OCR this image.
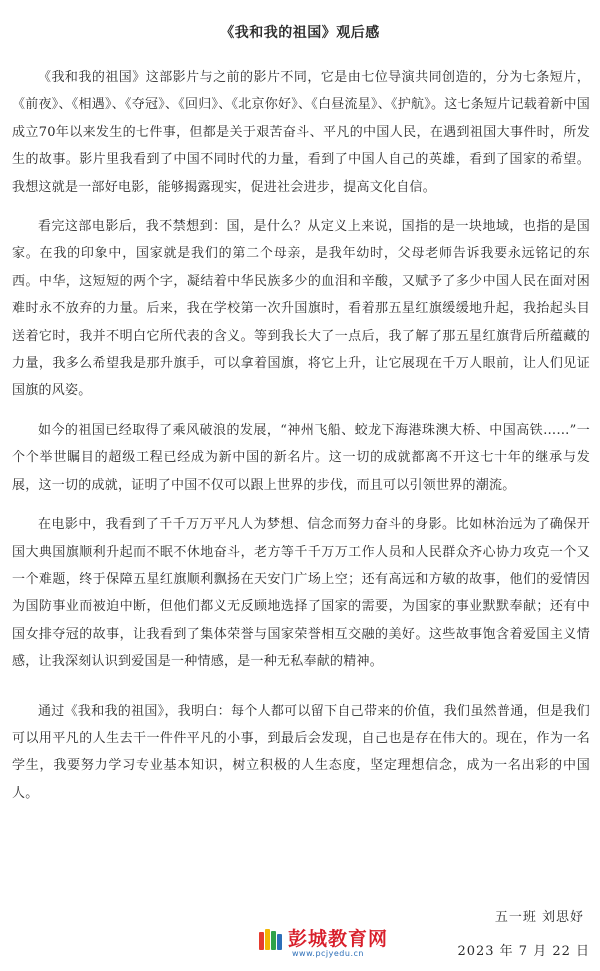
《我和我的祖国》观后感

《我和我的祖国》这部影片与之前的影片不同，它是由七位导演共同创造的，分为七条短片，《前夜》、《相遇》、《夺冠》、《回归》、《北京你好》、《白昼流星》、《护航》。这七条短片记载着新中国成立70年以来发生的七件事，但都是关于艰苦奋斗、平凡的中国人民，在遇到祖国大事件时，所发生的故事。影片里我看到了中国不同时代的力量，看到了中国人自己的英雄，看到了国家的希望。我想这就是一部好电影，能够揭露现实，促进社会进步，提高文化自信。

看完这部电影后，我不禁想到：国，是什么？从定义上来说，国指的是一块地域，也指的是国家。在我的印象中，国家就是我们的第二个母亲，是我年幼时，父母老师告诉我要永远铭记的东西。中华，这短短的两个字，凝结着中华民族多少的血泪和辛酸，又赋予了多少中国人民在面对困难时永不放弃的力量。后来，我在学校第一次升国旗时，看着那五星红旗缓缓地升起，我抬起头目送着它时，我并不明白它所代表的含义。等到我长大了一点后，我了解了那五星红旗背后所蕴藏的力量，我多么希望我是那升旗手，可以拿着国旗，将它上升，让它展现在千万人眼前，让人们见证国旗的风姿。

如今的祖国已经取得了乘风破浪的发展，“神州飞船、蛟龙下海港珠澳大桥、中国高铁……”一个个举世瞩目的超级工程已经成为新中国的新名片。这一切的成就都离不开这七十年的继承与发展，这一切的成就，证明了中国不仅可以跟上世界的步伐，而且可以引领世界的潮流。

在电影中，我看到了千千万万平凡人为梦想、信念而努力奋斗的身影。比如林治远为了确保开国大典国旗顺利升起而不眠不休地奋斗，老方等千千万万工作人员和人民群众齐心协力攻克一个又一个难题，终于保障五星红旗顺利飘扬在天安门广场上空；还有高远和方敏的故事，他们的爱情因为国防事业而被迫中断，但他们都义无反顾地选择了国家的需要，为国家的事业默默奉献；还有中国女排夺冠的故事，让我看到了集体荣誉与国家荣誉相互交融的美好。这些故事饱含着爱国主义情感，让我深刻认识到爱国是一种情感，是一种无私奉献的精神。

通过《我和我的祖国》，我明白：每个人都可以留下自己带来的价值，我们虽然普通，但是我们可以用平凡的人生去干一件件平凡的小事，到最后会发现，自己也是存在伟大的。现在，作为一名学生，我要努力学习专业基本知识，树立积极的人生态度，坚定理想信念，成为一名出彩的中国人。

五一班 刘思妤
彭城教育网
www.pcjyedu.cn	2023 年 7 月 22 日
